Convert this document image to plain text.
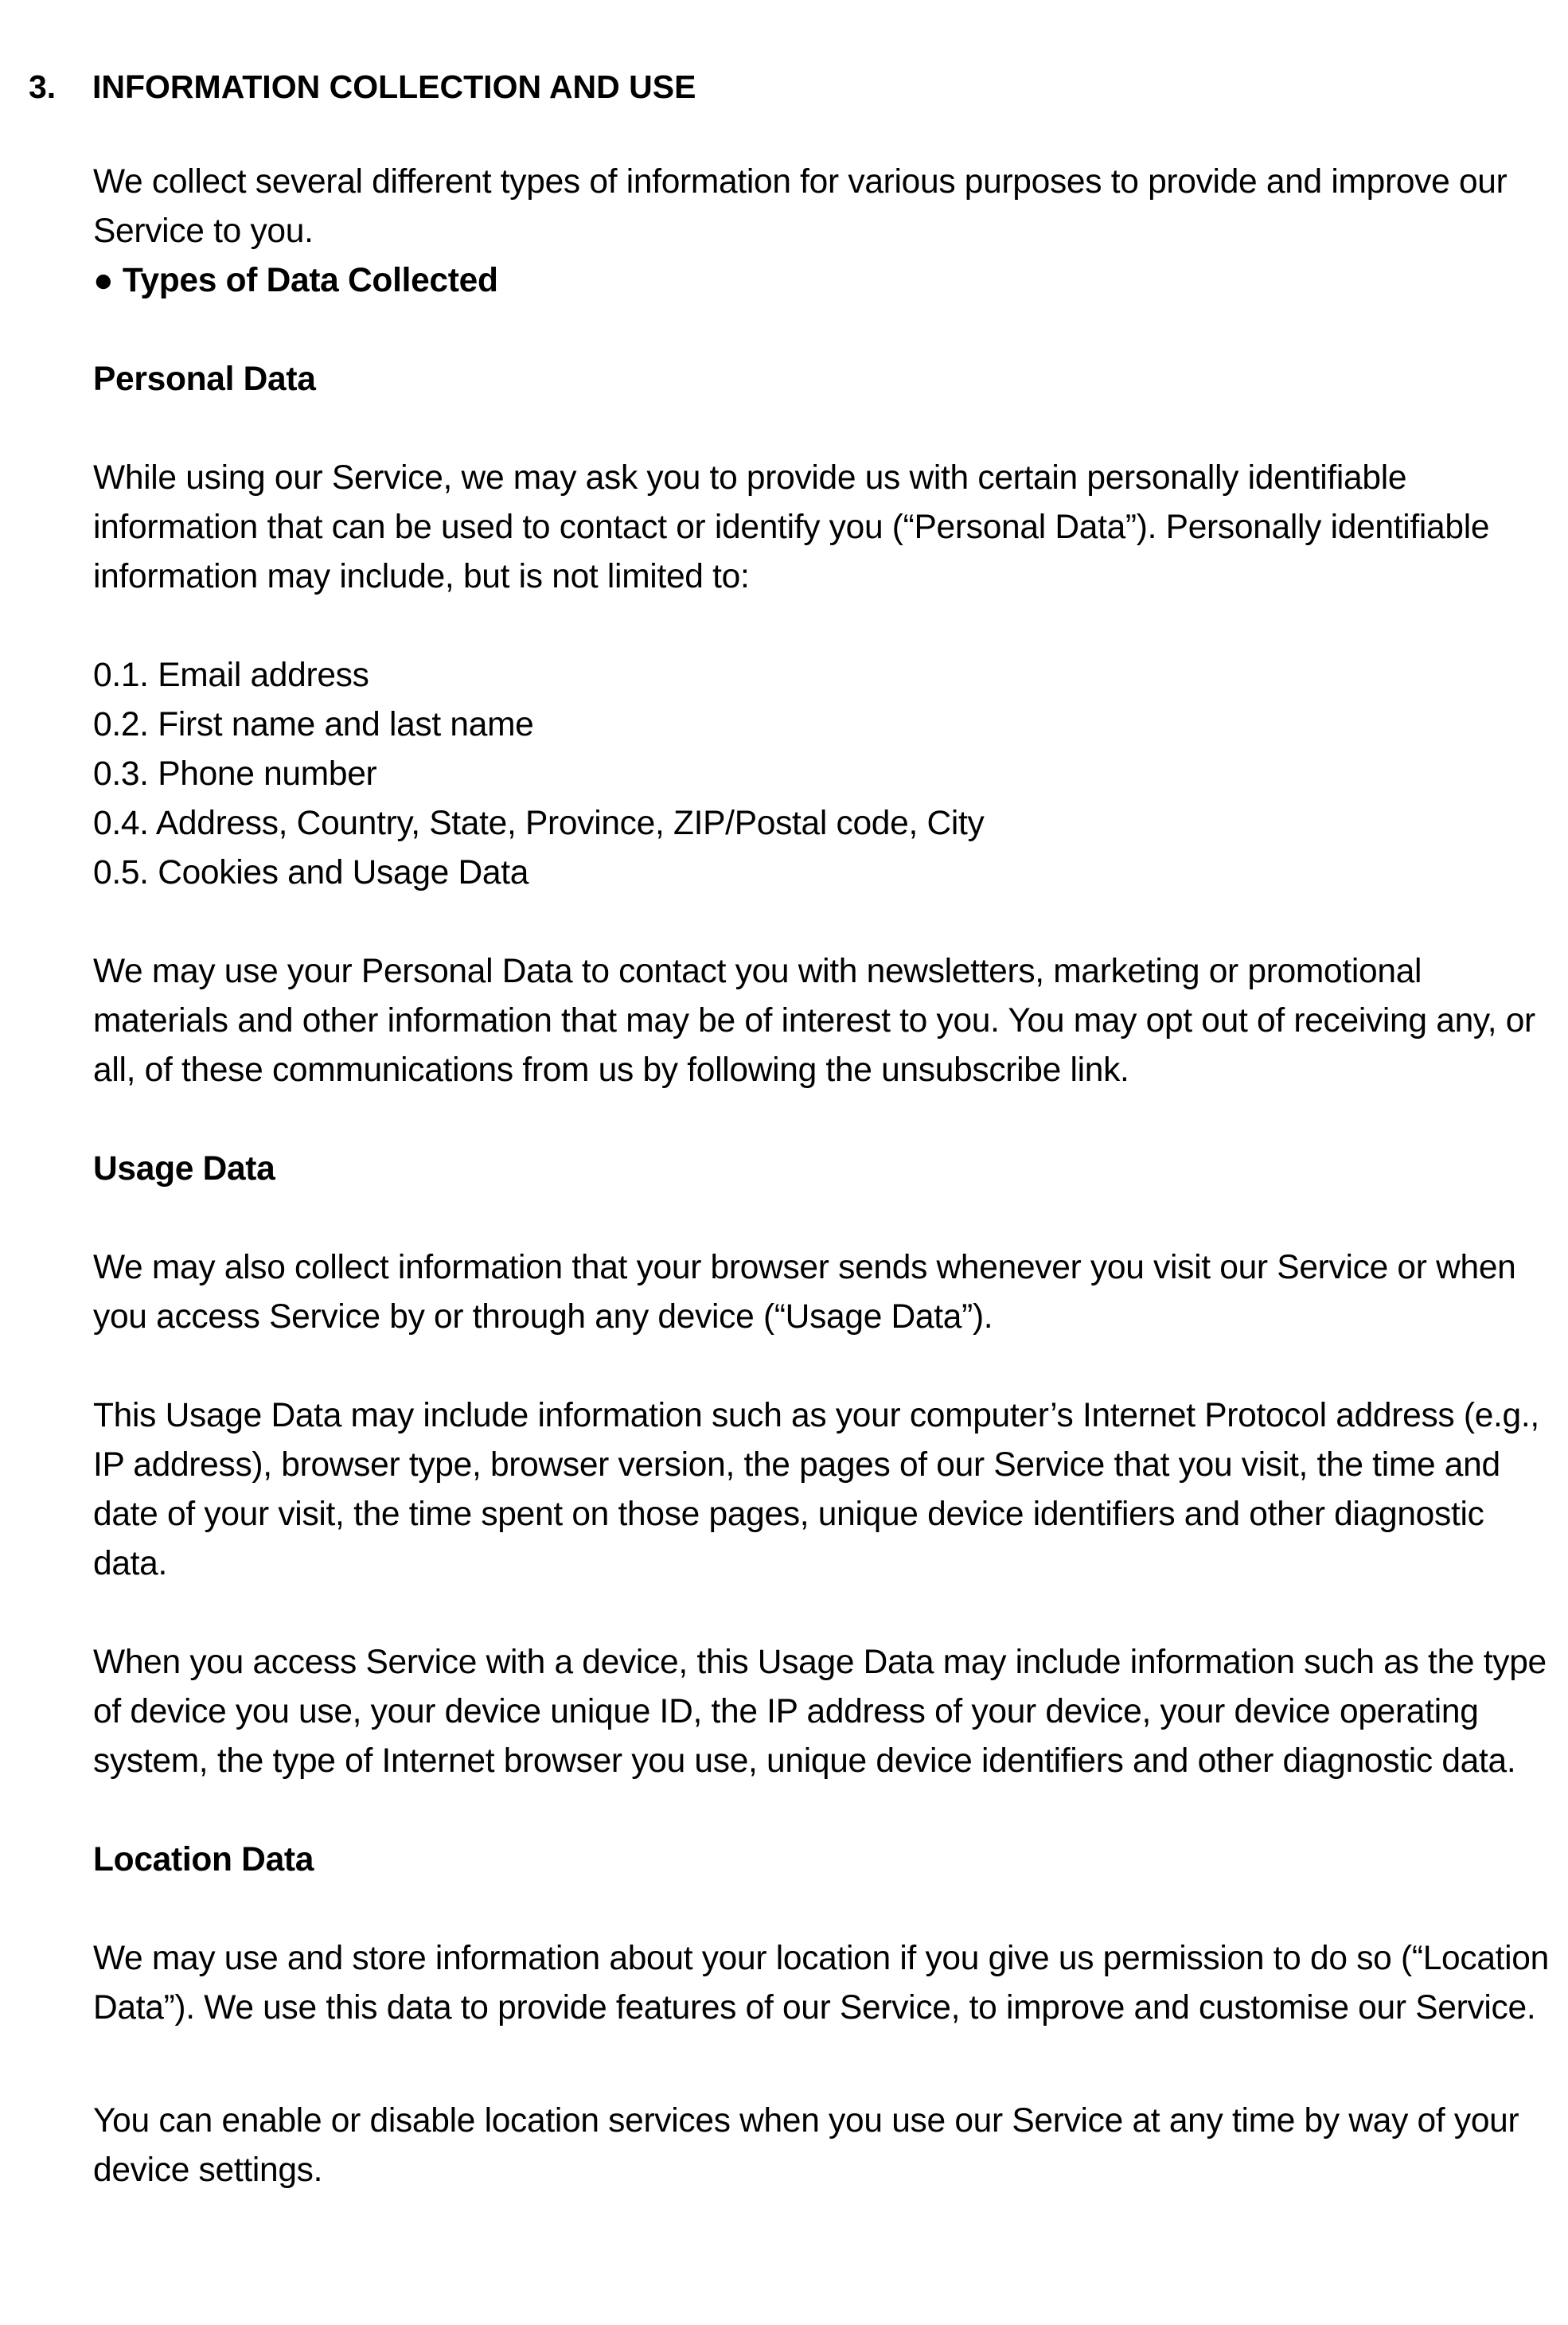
3. INFORMATION COLLECTION AND USE

We collect several different types of information for various purposes to provide and improve our Service to you.

● Types of Data Collected

Personal Data

While using our Service, we may ask you to provide us with certain personally identifiable information that can be used to contact or identify you (“Personal Data”). Personally identifiable information may include, but is not limited to:

0.1. Email address

0.2. First name and last name

0.3. Phone number

0.4. Address, Country, State, Province, ZIP/Postal code, City

0.5. Cookies and Usage Data

We may use your Personal Data to contact you with newsletters, marketing or promotional materials and other information that may be of interest to you. You may opt out of receiving any, or all, of these communications from us by following the unsubscribe link.

Usage Data

We may also collect information that your browser sends whenever you visit our Service or when you access Service by or through any device (“Usage Data”).

This Usage Data may include information such as your computer’s Internet Protocol address (e.g., IP address), browser type, browser version, the pages of our Service that you visit, the time and date of your visit, the time spent on those pages, unique device identifiers and other diagnostic data.

When you access Service with a device, this Usage Data may include information such as the type of device you use, your device unique ID, the IP address of your device, your device operating system, the type of Internet browser you use, unique device identifiers and other diagnostic data.

Location Data

We may use and store information about your location if you give us permission to do so (“Location Data”). We use this data to provide features of our Service, to improve and customise our Service.

You can enable or disable location services when you use our Service at any time by way of your device settings.
